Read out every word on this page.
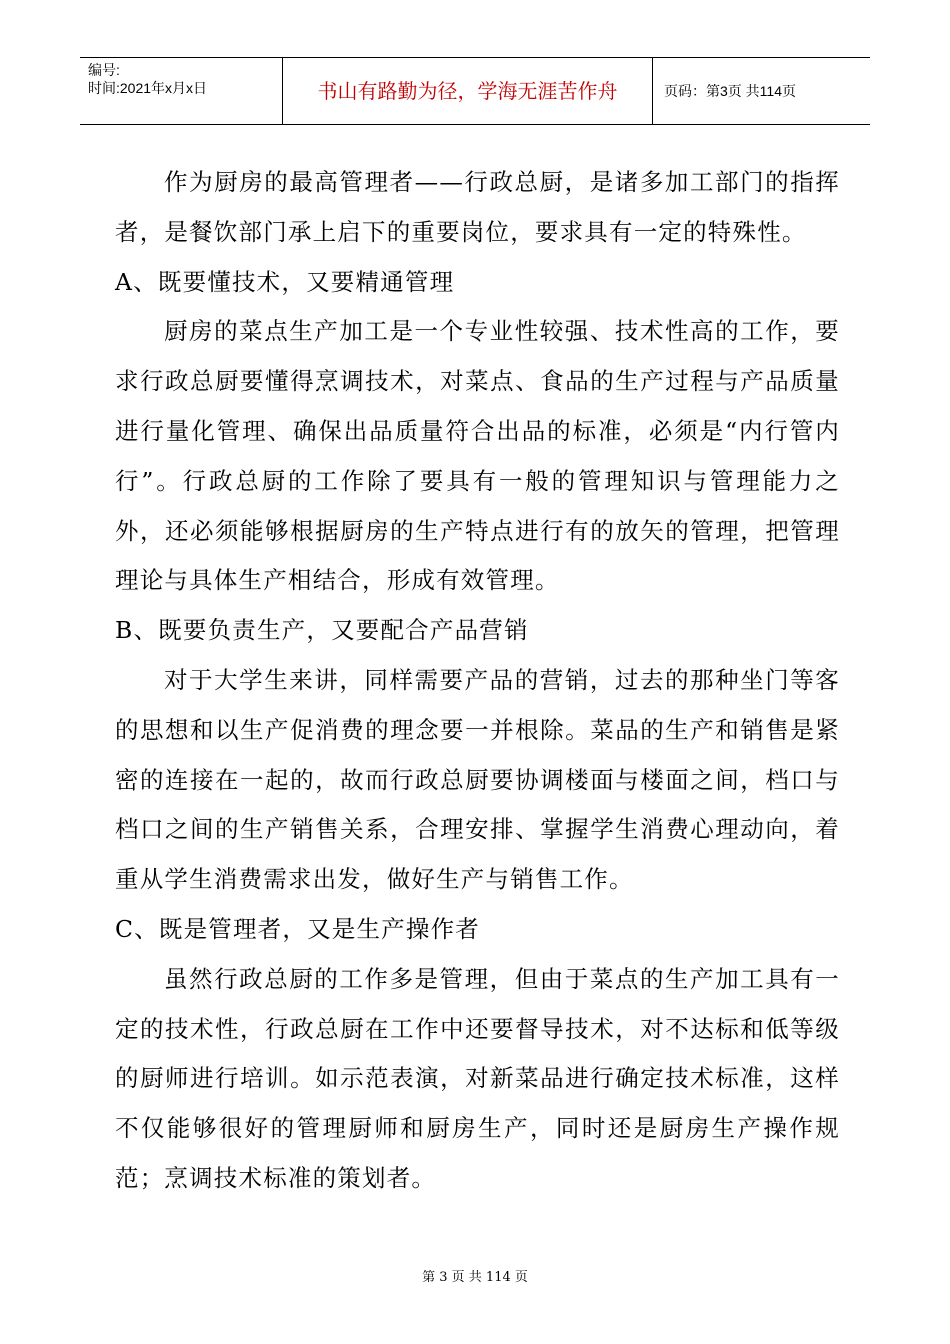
编号:
时间:2021年x月x日	书山有路勤为径，学海无涯苦作舟	页码：第3页 共114页

作为厨房的最高管理者——行政总厨，是诸多加工部门的指挥者，是餐饮部门承上启下的重要岗位，要求具有一定的特殊性。

A、既要懂技术，又要精通管理

厨房的菜点生产加工是一个专业性较强、技术性高的工作，要求行政总厨要懂得烹调技术，对菜点、食品的生产过程与产品质量进行量化管理、确保出品质量符合出品的标准，必须是“内行管内行”。行政总厨的工作除了要具有一般的管理知识与管理能力之外，还必须能够根据厨房的生产特点进行有的放矢的管理，把管理理论与具体生产相结合，形成有效管理。

B、既要负责生产，又要配合产品营销

对于大学生来讲，同样需要产品的营销，过去的那种坐门等客的思想和以生产促消费的理念要一并根除。菜品的生产和销售是紧密的连接在一起的，故而行政总厨要协调楼面与楼面之间，档口与档口之间的生产销售关系，合理安排、掌握学生消费心理动向，着重从学生消费需求出发，做好生产与销售工作。

C、既是管理者，又是生产操作者

虽然行政总厨的工作多是管理，但由于菜点的生产加工具有一定的技术性，行政总厨在工作中还要督导技术，对不达标和低等级的厨师进行培训。如示范表演，对新菜品进行确定技术标准，这样不仅能够很好的管理厨师和厨房生产，同时还是厨房生产操作规范；烹调技术标准的策划者。

第 3 页 共 114 页
